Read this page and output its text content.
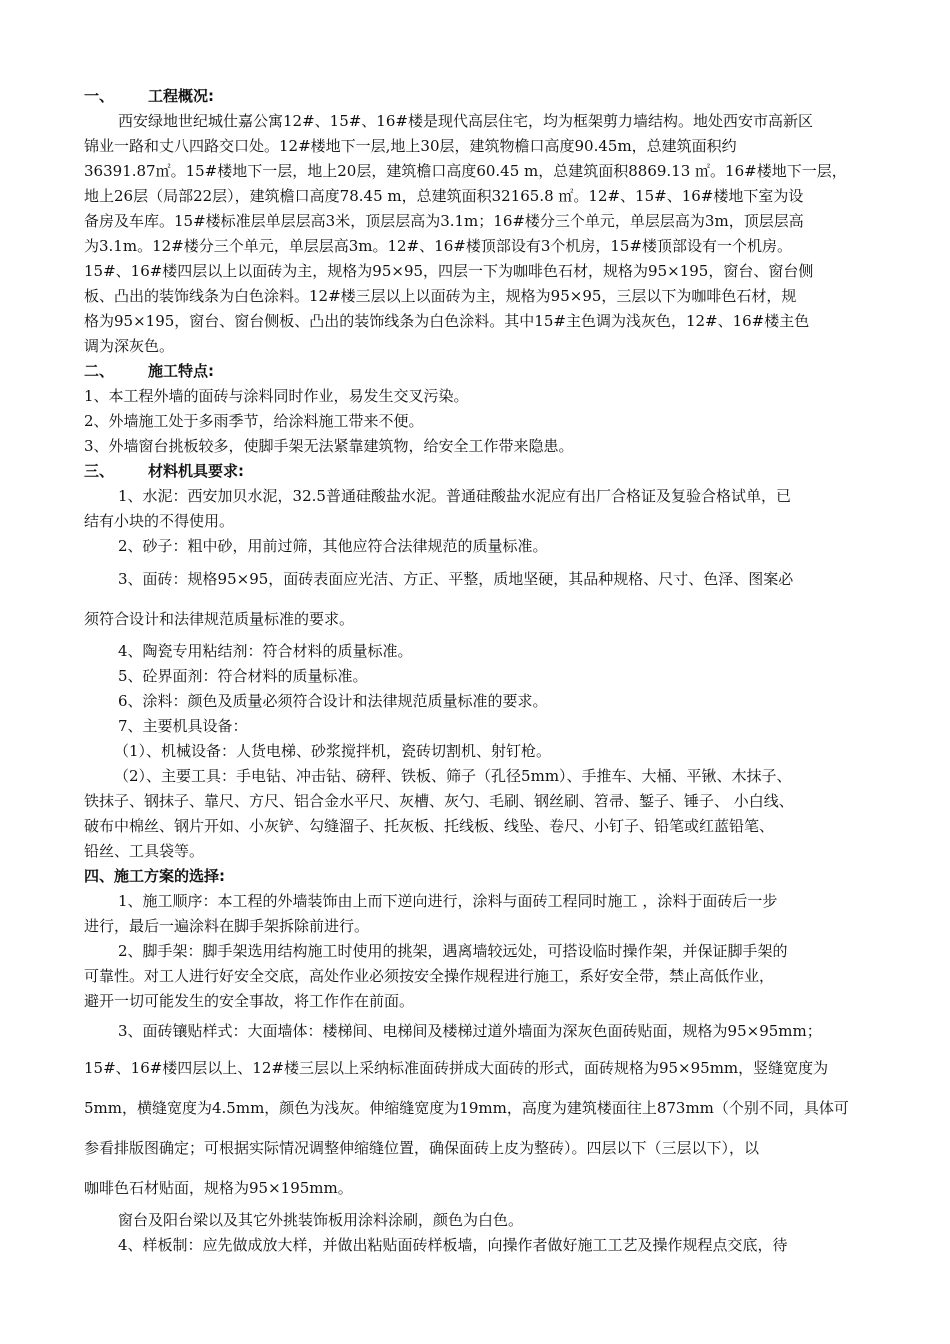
一、 工程概况:
西安绿地世纪城仕嘉公寓12#、15#、16#楼是现代高层住宅，均为框架剪力墙结构。地处西安市高新区
锦业一路和丈八四路交口处。12#楼地下一层,地上30层，建筑物檐口高度90.45m，总建筑面积约
36391.87㎡。15#楼地下一层，地上20层，建筑檐口高度60.45 m，总建筑面积8869.13 ㎡。16#楼地下一层，
地上26层（局部22层），建筑檐口高度78.45 m，总建筑面积32165.8 ㎡。12#、15#、16#楼地下室为设
备房及车库。15#楼标准层单层层高3米，顶层层高为3.1m；16#楼分三个单元，单层层高为3m，顶层层高
为3.1m。12#楼分三个单元，单层层高3m。12#、16#楼顶部设有3个机房，15#楼顶部设有一个机房。
15#、16#楼四层以上以面砖为主，规格为95×95，四层一下为咖啡色石材，规格为95×195，窗台、窗台侧
板、凸出的装饰线条为白色涂料。12#楼三层以上以面砖为主，规格为95×95，三层以下为咖啡色石材，规
格为95×195，窗台、窗台侧板、凸出的装饰线条为白色涂料。其中15#主色调为浅灰色，12#、16#楼主色
调为深灰色。
二、 施工特点:
1、本工程外墙的面砖与涂料同时作业，易发生交叉污染。
2、外墙施工处于多雨季节，给涂料施工带来不便。
3、外墙窗台挑板较多，使脚手架无法紧靠建筑物，给安全工作带来隐患。
三、 材料机具要求:
1、水泥：西安加贝水泥，32.5普通硅酸盐水泥。普通硅酸盐水泥应有出厂合格证及复验合格试单，已
结有小块的不得使用。
2、砂子：粗中砂，用前过筛，其他应符合法律规范的质量标准。
3、面砖：规格95×95，面砖表面应光洁、方正、平整，质地坚硬，其品种规格、尺寸、色泽、图案必
须符合设计和法律规范质量标准的要求。
4、陶瓷专用粘结剂：符合材料的质量标准。
5、砼界面剂：符合材料的质量标准。
6、涂料：颜色及质量必须符合设计和法律规范质量标准的要求。
7、主要机具设备：
（1）、机械设备：人货电梯、砂浆搅拌机，瓷砖切割机、射钉枪。
（2）、主要工具：手电钻、冲击钻、磅秤、铁板、筛子（孔径5mm）、手推车、大桶、平锹、木抹子、
铁抹子、钢抹子、靠尺、方尺、铝合金水平尺、灰槽、灰勺、毛刷、钢丝刷、笤帚、錾子、锤子、 小白线、
破布中棉丝、钢片开如、小灰铲、勾缝溜子、托灰板、托线板、线坠、卷尺、小钉子、铅笔或红蓝铅笔、
铅丝、工具袋等。
四、施工方案的选择:
1、施工顺序：本工程的外墙装饰由上而下逆向进行，涂料与面砖工程同时施工 ，涂料于面砖后一步
进行，最后一遍涂料在脚手架拆除前进行。
2、脚手架：脚手架选用结构施工时使用的挑架，遇离墙较远处，可搭设临时操作架，并保证脚手架的
可靠性。对工人进行好安全交底，高处作业必须按安全操作规程进行施工，系好安全带，禁止高低作业，
避开一切可能发生的安全事故，将工作作在前面。
3、面砖镶贴样式：大面墙体：楼梯间、电梯间及楼梯过道外墙面为深灰色面砖贴面，规格为95×95mm；
15#、16#楼四层以上、12#楼三层以上采纳标准面砖拼成大面砖的形式，面砖规格为95×95mm，竖缝宽度为
5mm，横缝宽度为4.5mm，颜色为浅灰。伸缩缝宽度为19mm，高度为建筑楼面往上873mm（个别不同，具体可
参看排版图确定；可根据实际情况调整伸缩缝位置，确保面砖上皮为整砖）。四层以下（三层以下），以
咖啡色石材贴面，规格为95×195mm。
窗台及阳台梁以及其它外挑装饰板用涂料涂刷，颜色为白色。
4、样板制：应先做成放大样，并做出粘贴面砖样板墙，向操作者做好施工工艺及操作规程点交底，待
